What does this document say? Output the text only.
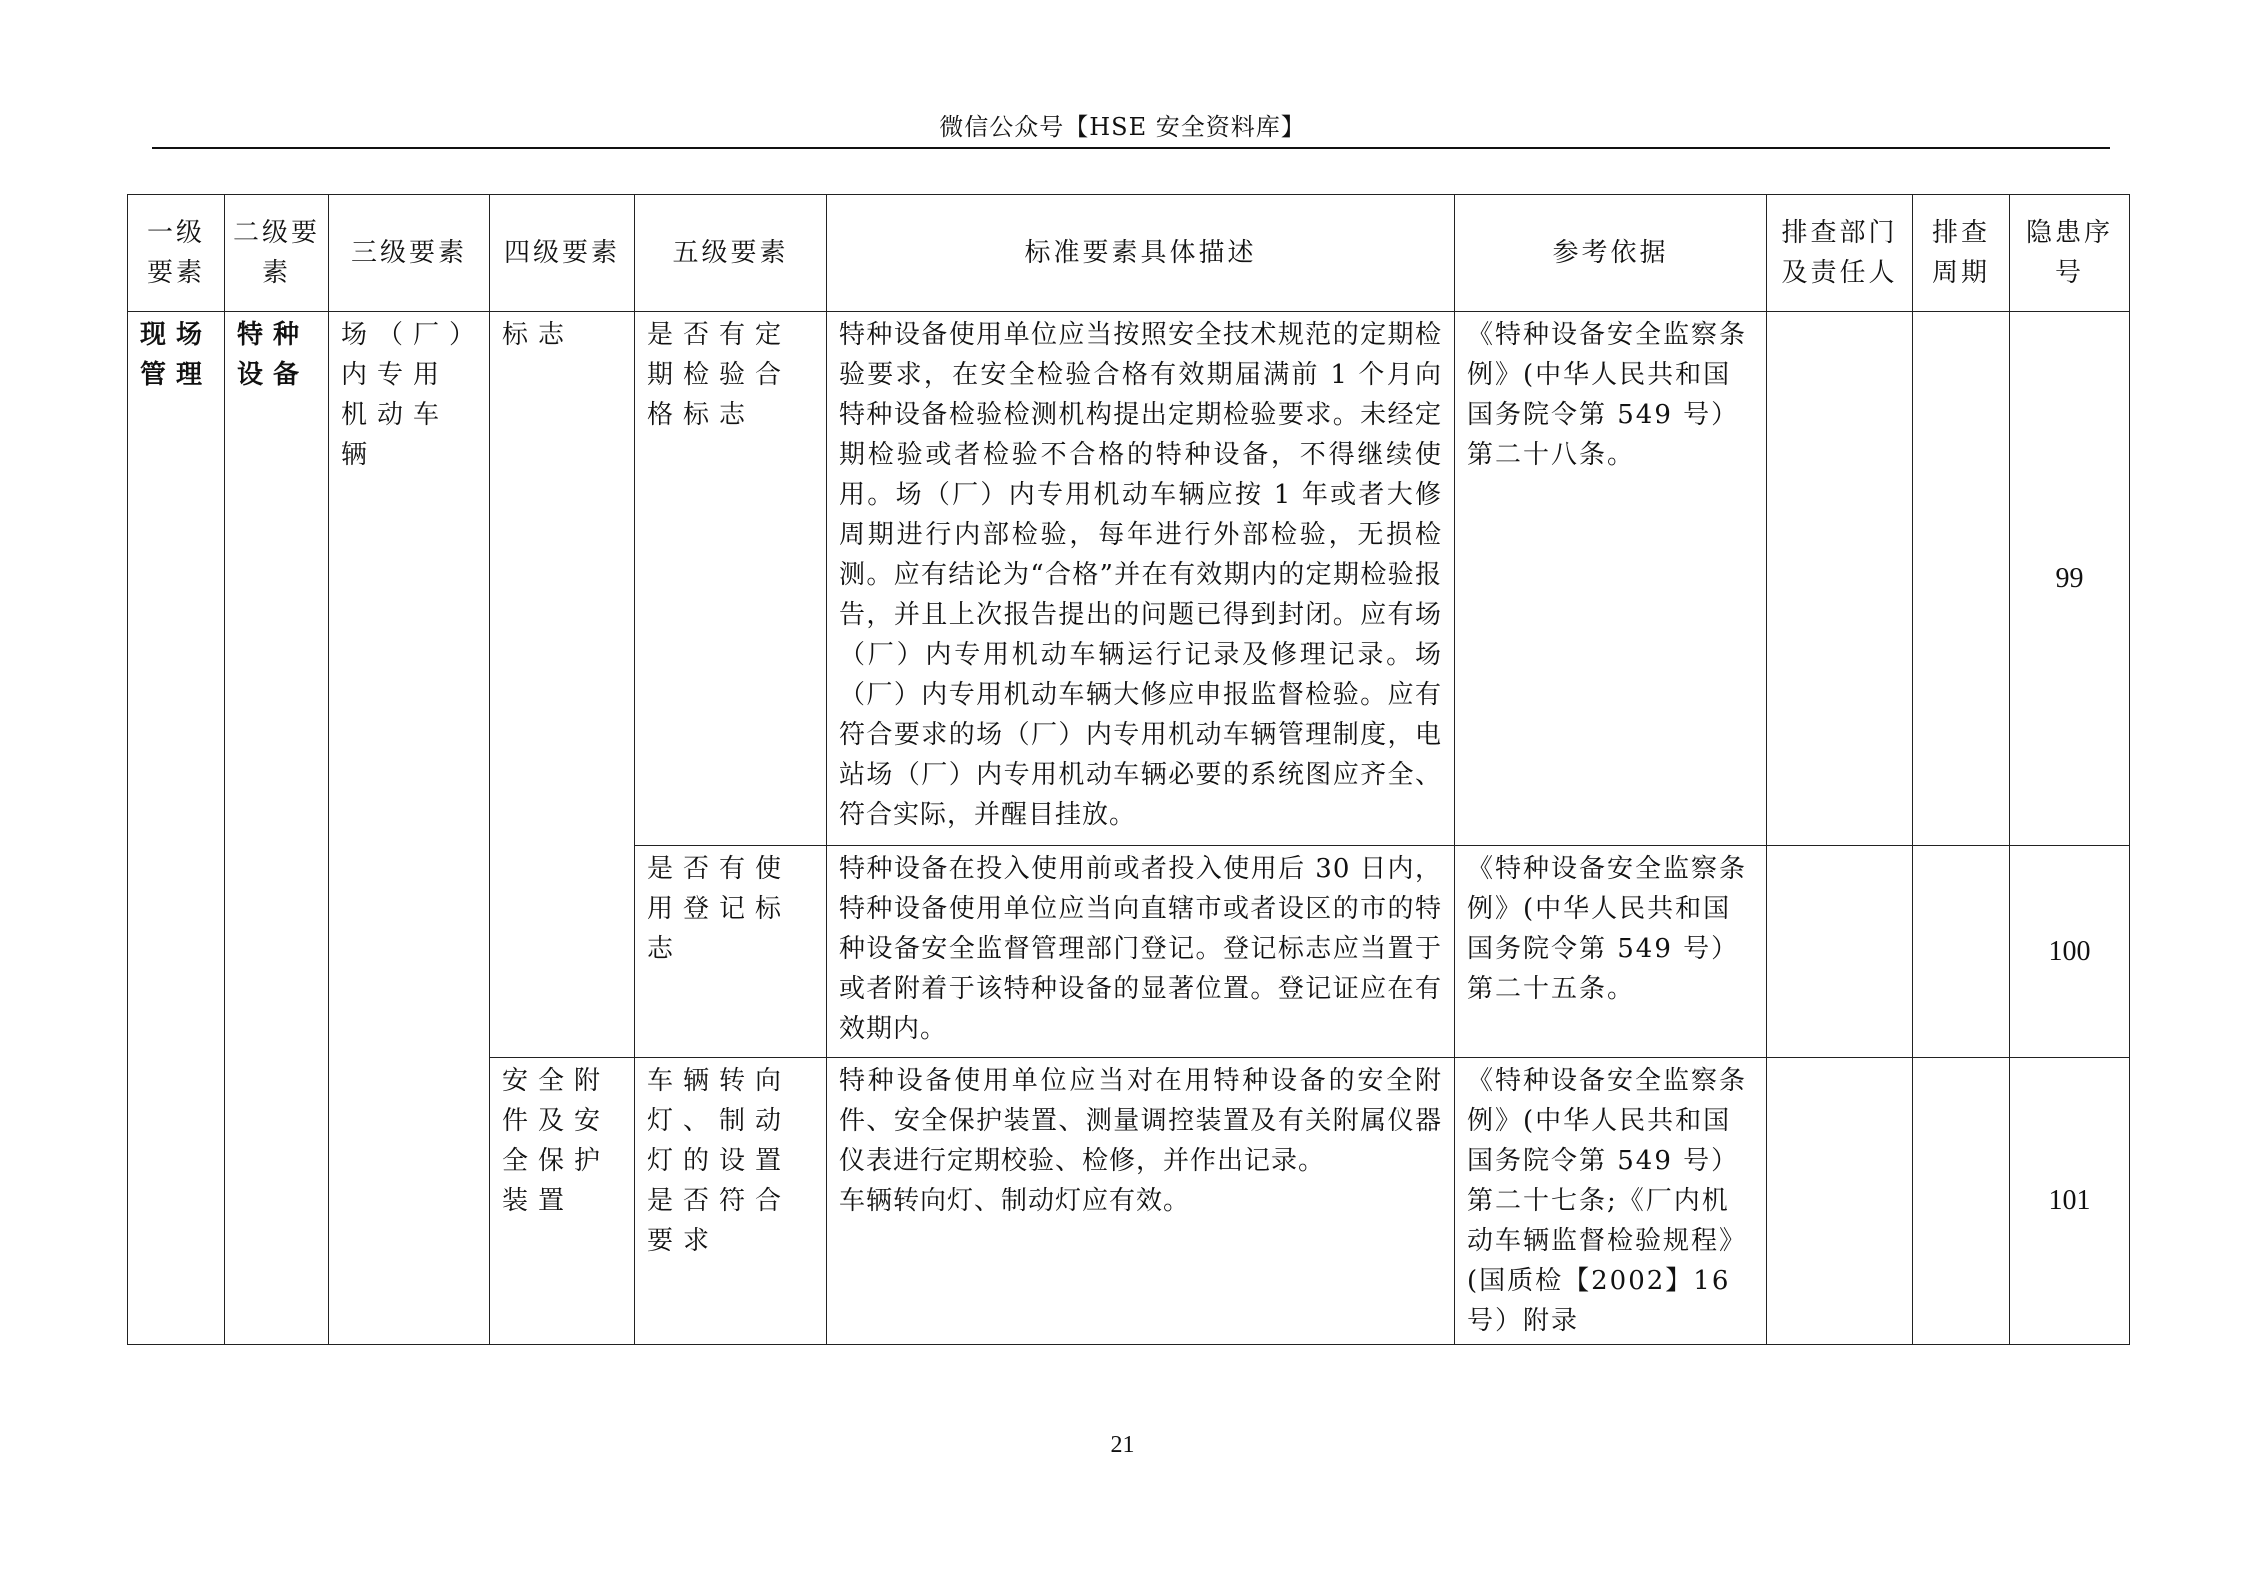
微信公众号【HSE 安全资料库】
一级要素	二级要素	三级要素	四级要素	五级要素	标准要素具体描述	参考依据	排查部门及责任人	排查周期	隐患序号
现场管理	特种设备	场（厂）内专用机动车辆	标志	是否有定期检验合格标志	特种设备使用单位应当按照安全技术规范的定期检验要求，在安全检验合格有效期届满前 1 个月向特种设备检验检测机构提出定期检验要求。未经定期检验或者检验不合格的特种设备，不得继续使用。场（厂）内专用机动车辆应按 1 年或者大修周期进行内部检验，每年进行外部检验，无损检测。应有结论为“合格”并在有效期内的定期检验报告，并且上次报告提出的问题已得到封闭。应有场（厂）内专用机动车辆运行记录及修理记录。场（厂）内专用机动车辆大修应申报监督检验。应有符合要求的场（厂）内专用机动车辆管理制度，电站场（厂）内专用机动车辆必要的系统图应齐全、符合实际，并醒目挂放。	《特种设备安全监察条例》(中华人民共和国国务院令第 549 号）第二十八条。			99
				是否有使用登记标志	特种设备在投入使用前或者投入使用后 30 日内，特种设备使用单位应当向直辖市或者设区的市的特种设备安全监督管理部门登记。登记标志应当置于或者附着于该特种设备的显著位置。登记证应在有效期内。	《特种设备安全监察条例》(中华人民共和国国务院令第 549 号）第二十五条。			100
			安全附件及安全保护装置	车辆转向灯、制动灯的设置是否符合要求	特种设备使用单位应当对在用特种设备的安全附件、安全保护装置、测量调控装置及有关附属仪器仪表进行定期校验、检修，并作出记录。
车辆转向灯、制动灯应有效。	《特种设备安全监察条例》(中华人民共和国国务院令第 549 号）第二十七条;《厂内机动车辆监督检验规程》(国质检【2002】16 号）附录			101
21
